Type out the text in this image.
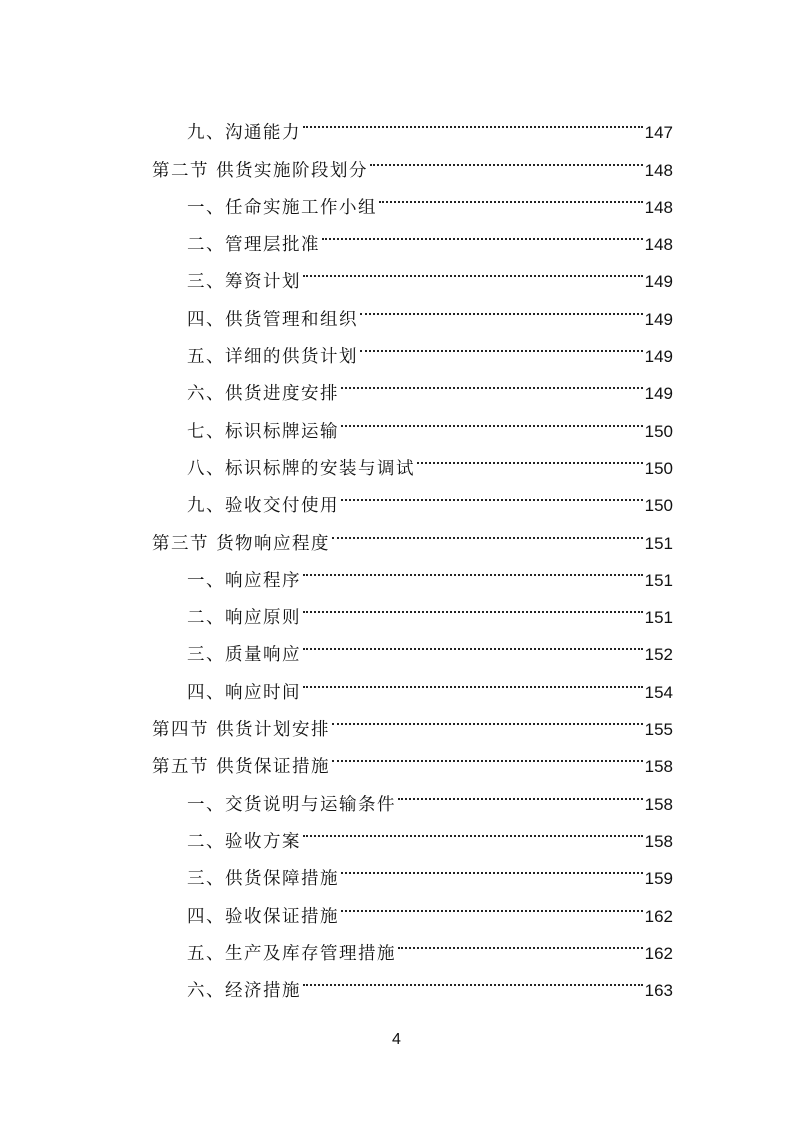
九、沟通能力	147
第二节 供货实施阶段划分	148
一、任命实施工作小组	148
二、管理层批准	148
三、筹资计划	149
四、供货管理和组织	149
五、详细的供货计划	149
六、供货进度安排	149
七、标识标牌运输	150
八、标识标牌的安装与调试	150
九、验收交付使用	150
第三节 货物响应程度	151
一、响应程序	151
二、响应原则	151
三、质量响应	152
四、响应时间	154
第四节 供货计划安排	155
第五节 供货保证措施	158
一、交货说明与运输条件	158
二、验收方案	158
三、供货保障措施	159
四、验收保证措施	162
五、生产及库存管理措施	162
六、经济措施	163
4
